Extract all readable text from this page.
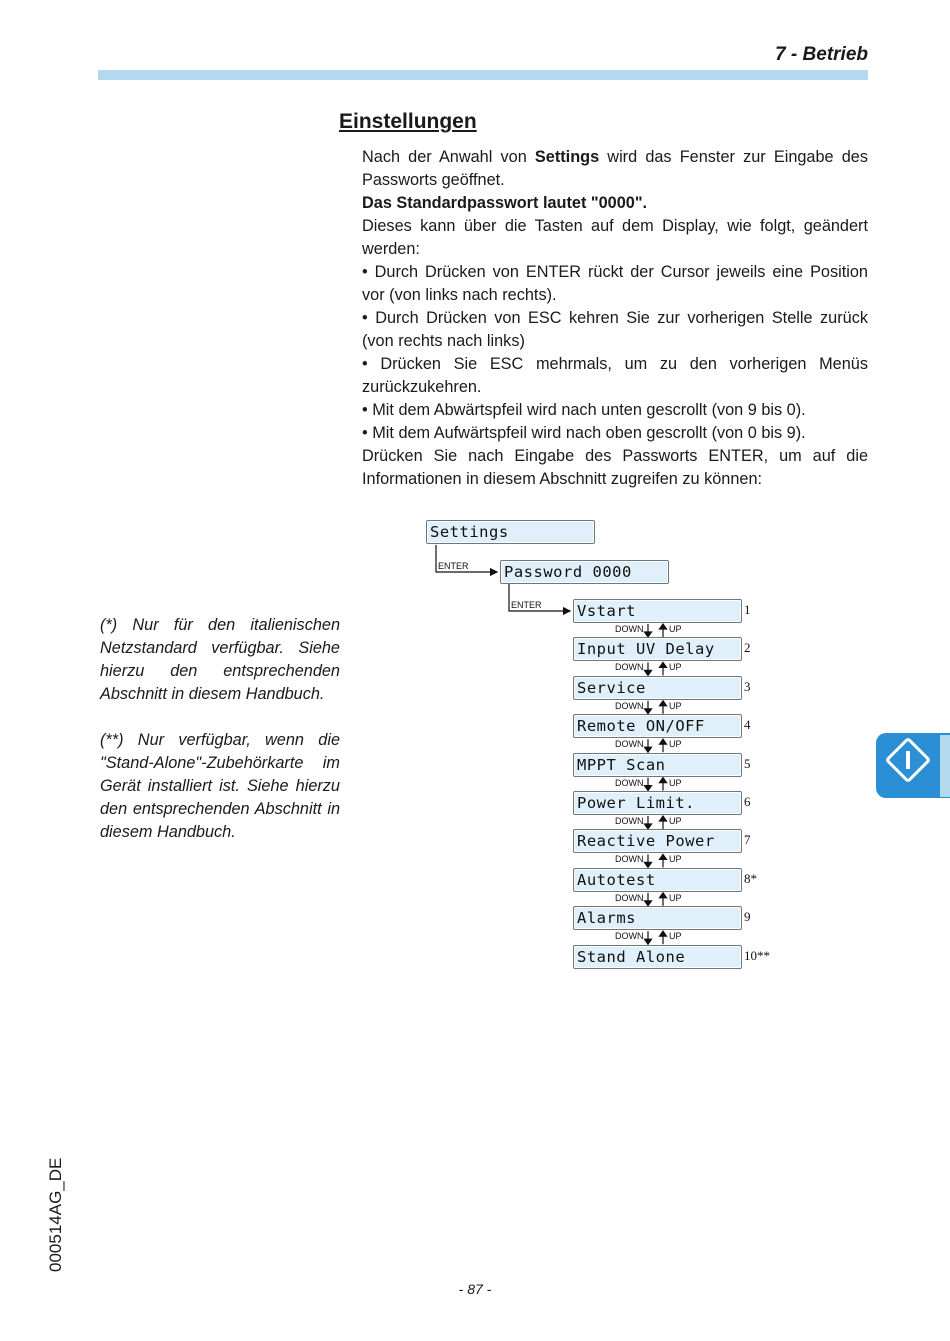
7 - Betrieb
Einstellungen

Nach der Anwahl von Settings wird das Fenster zur Eingabe des Passworts geöffnet.

Das Standardpasswort lautet "0000".

Dieses kann über die Tasten auf dem Display, wie folgt, geändert werden:

• Durch Drücken von ENTER rückt der Cursor jeweils eine Position vor (von links nach rechts).

• Durch Drücken von ESC kehren Sie zur vorherigen Stelle zurück (von rechts nach links)

• Drücken Sie ESC mehrmals, um zu den vorherigen Menüs zurückzukehren.

• Mit dem Abwärtspfeil wird nach unten gescrollt (von 9 bis 0).

• Mit dem Aufwärtspfeil wird nach oben gescrollt (von 0 bis 9).

Drücken Sie nach Eingabe des Passworts ENTER, um auf die Informationen in diesem Abschnitt zugreifen zu können:

(*) Nur für den italienischen Netzstandard verfügbar. Siehe hierzu den entsprechenden Abschnitt in diesem Handbuch.

(**) Nur verfügbar, wenn die "Stand-Alone"-Zubehörkarte im Gerät installiert ist. Siehe hierzu den entsprechenden Abschnitt in diesem Handbuch.

Settings
ENTER Password 0000
ENTER Vstart	1
DOWN	UP
Input UV Delay	2
DOWN	UP
Service	3
DOWN	UP
Remote ON/OFF	4
DOWN	UP
MPPT Scan	5
DOWN	UP
Power Limit.	6
DOWN	UP
Reactive Power	7
DOWN	UP
Autotest	8*
DOWN	UP
Alarms	9
DOWN	UP
Stand Alone	10**
000514AG_DE
- 87 -
